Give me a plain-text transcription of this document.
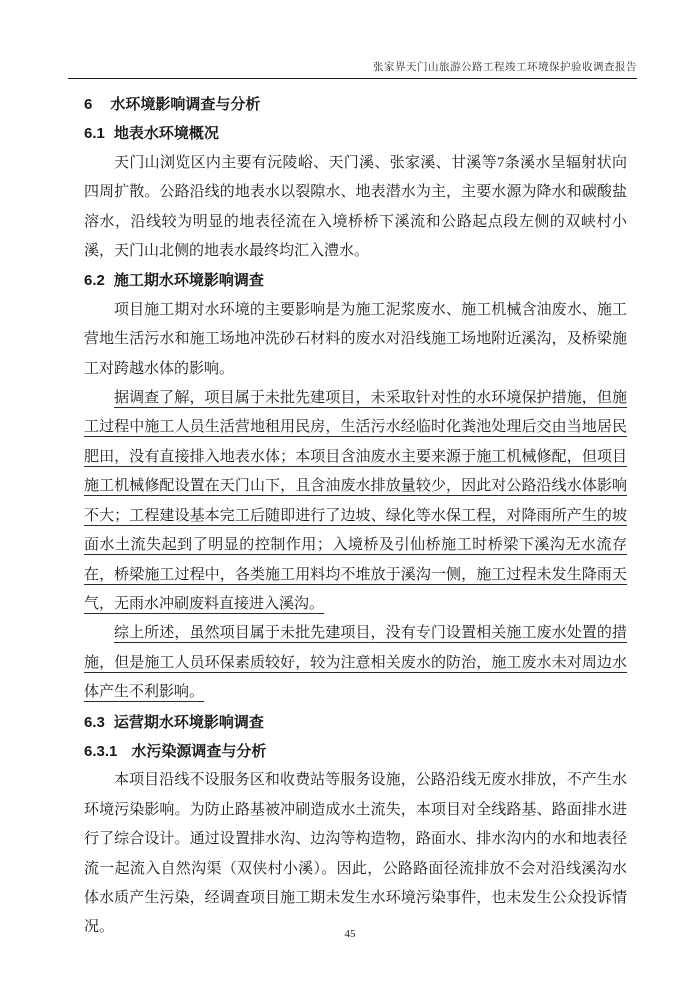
张家界天门山旅游公路工程竣工环境保护验收调查报告

6 水环境影响调查与分析

6.1 地表水环境概况

天门山浏览区内主要有沅陵峪、天门溪、张家溪、甘溪等7条溪水呈辐射状向四周扩散。公路沿线的地表水以裂隙水、地表潜水为主，主要水源为降水和碳酸盐溶水，沿线较为明显的地表径流在入境桥桥下溪流和公路起点段左侧的双峡村小溪，天门山北侧的地表水最终均汇入澧水。

6.2 施工期水环境影响调查

项目施工期对水环境的主要影响是为施工泥浆废水、施工机械含油废水、施工营地生活污水和施工场地冲洗砂石材料的废水对沿线施工场地附近溪沟，及桥梁施工对跨越水体的影响。

据调查了解，项目属于未批先建项目，未采取针对性的水环境保护措施，但施工过程中施工人员生活营地租用民房，生活污水经临时化粪池处理后交由当地居民肥田，没有直接排入地表水体；本项目含油废水主要来源于施工机械修配，但项目施工机械修配设置在天门山下，且含油废水排放量较少，因此对公路沿线水体影响不大；工程建设基本完工后随即进行了边坡、绿化等水保工程，对降雨所产生的坡面水土流失起到了明显的控制作用；入境桥及引仙桥施工时桥梁下溪沟无水流存在，桥梁施工过程中，各类施工用料均不堆放于溪沟一侧，施工过程未发生降雨天气，无雨水冲刷废料直接进入溪沟。

综上所述，虽然项目属于未批先建项目，没有专门设置相关施工废水处置的措施，但是施工人员环保素质较好，较为注意相关废水的防治，施工废水未对周边水体产生不利影响。

6.3 运营期水环境影响调查

6.3.1 水污染源调查与分析

本项目沿线不设服务区和收费站等服务设施，公路沿线无废水排放，不产生水环境污染影响。为防止路基被冲刷造成水土流失，本项目对全线路基、路面排水进行了综合设计。通过设置排水沟、边沟等构造物，路面水、排水沟内的水和地表径流一起流入自然沟渠（双侠村小溪）。因此，公路路面径流排放不会对沿线溪沟水体水质产生污染，经调查项目施工期未发生水环境污染事件，也未发生公众投诉情况。	45
